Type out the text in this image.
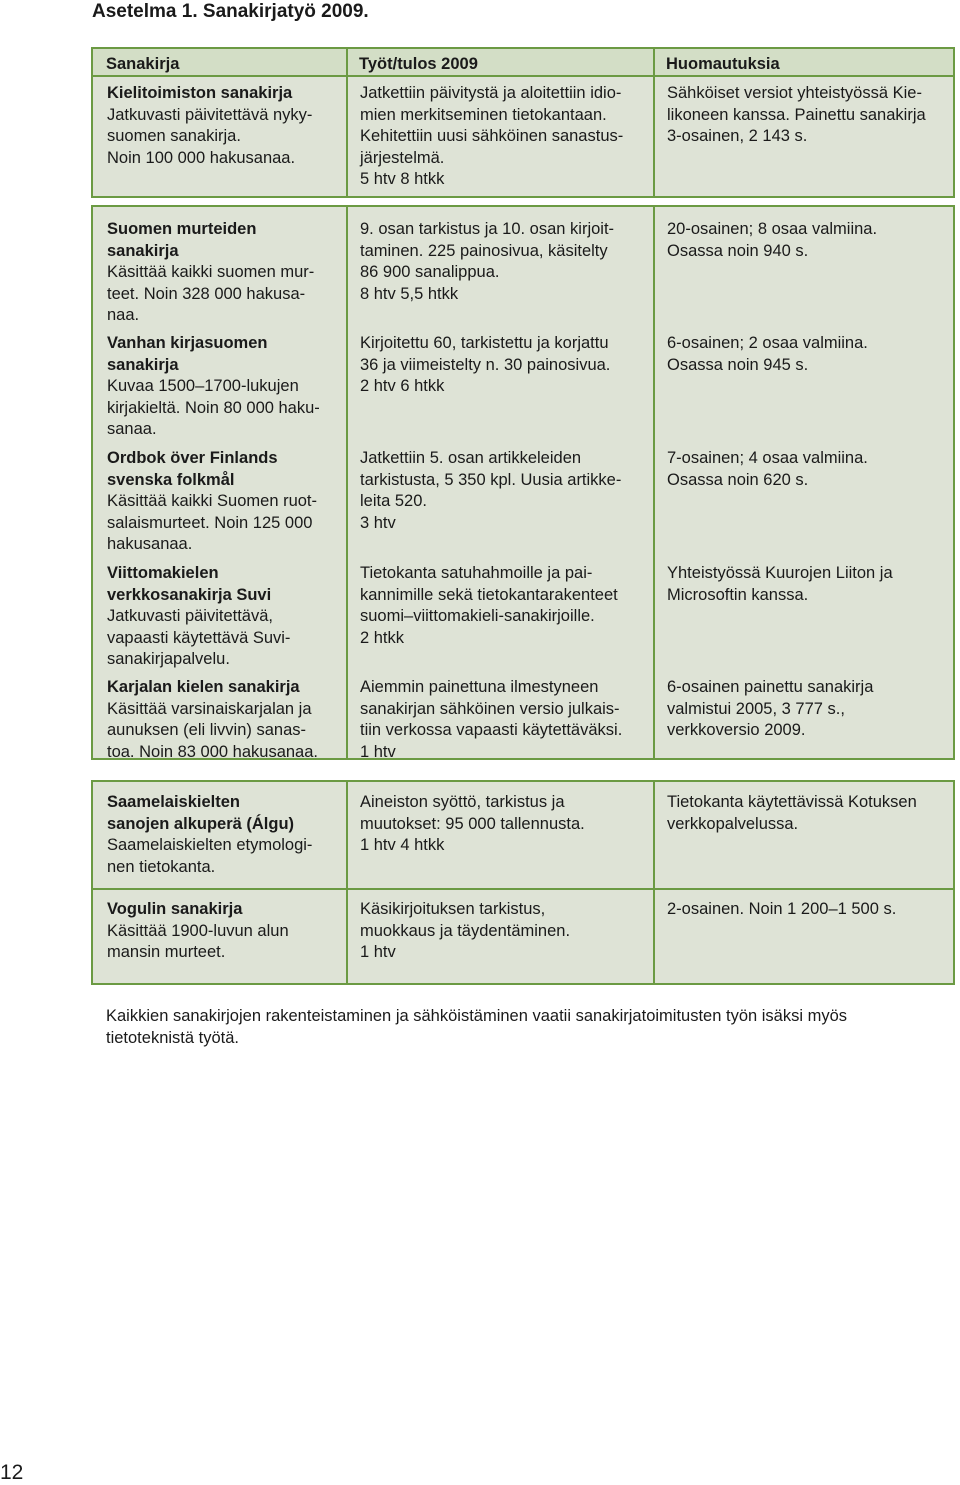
Asetelma 1. Sanakirjatyö 2009.
Sanakirja	Työt/tulos 2009	Huomautuksia
Kielitoimiston sanakirja
Jatkuvasti päivitettävä nyky-
suomen sanakirja.
Noin 100 000 hakusanaa.
Jatkettiin päivitystä ja aloitettiin idio-
mien merkitseminen tietokantaan.
Kehitettiin uusi sähköinen sanastus-
järjestelmä.
5 htv 8 htkk
Sähköiset versiot yhteistyössä Kie-
likoneen kanssa. Painettu sanakirja
3-osainen, 2 143 s.
Suomen murteiden
sanakirja
Käsittää kaikki suomen mur-
teet. Noin 328 000 hakusa-
naa.
9. osan tarkistus ja 10. osan kirjoit-
taminen. 225 painosivua, käsitelty
86 900 sanalippua.
8 htv 5,5 htkk
20-osainen; 8 osaa valmiina.
Osassa noin 940 s.
Vanhan kirjasuomen
sanakirja
Kuvaa 1500–1700-lukujen
kirjakieltä. Noin 80 000 haku-
sanaa.
Kirjoitettu 60, tarkistettu ja korjattu
36 ja viimeistelty n. 30 painosivua.
2 htv 6 htkk
6-osainen; 2 osaa valmiina.
Osassa noin 945 s.
Ordbok över Finlands
svenska folkmål
Käsittää kaikki Suomen ruot-
salaismurteet. Noin 125 000
hakusanaa.
Jatkettiin 5. osan artikkeleiden
tarkistusta, 5 350 kpl. Uusia artikke-
leita 520.
3 htv
7-osainen; 4 osaa valmiina.
Osassa noin 620 s.
Viittomakielen
verkkosanakirja Suvi
Jatkuvasti päivitettävä,
vapaasti käytettävä Suvi-
sanakirjapalvelu.
Tietokanta satuhahmoille ja pai-
kannimille sekä tietokantarakenteet
suomi–viittomakieli-sanakirjoille.
2 htkk
Yhteistyössä Kuurojen Liiton ja
Microsoftin kanssa.
Karjalan kielen sanakirja
Käsittää varsinaiskarjalan ja
aunuksen (eli livvin) sanas-
toa. Noin 83 000 hakusanaa.
Aiemmin painettuna ilmestyneen
sanakirjan sähköinen versio julkais-
tiin verkossa vapaasti käytettäväksi.
1 htv
6-osainen painettu sanakirja
valmistui 2005, 3 777 s.,
verkkoversio 2009.
Saamelaiskielten
sanojen alkuperä (Álgu)
Saamelaiskielten etymologi-
nen tietokanta.
Aineiston syöttö, tarkistus ja
muutokset: 95 000 tallennusta.
1 htv 4 htkk
Tietokanta käytettävissä Kotuksen
verkkopalvelussa.
Vogulin sanakirja
Käsittää 1900-luvun alun
mansin murteet.
Käsikirjoituksen tarkistus,
muokkaus ja täydentäminen.
1 htv
2-osainen. Noin 1 200–1 500 s.

Kaikkien sanakirjojen rakenteistaminen ja sähköistäminen vaatii sanakirjatoimitusten työn isäksi myös tietoteknistä työtä.

12
